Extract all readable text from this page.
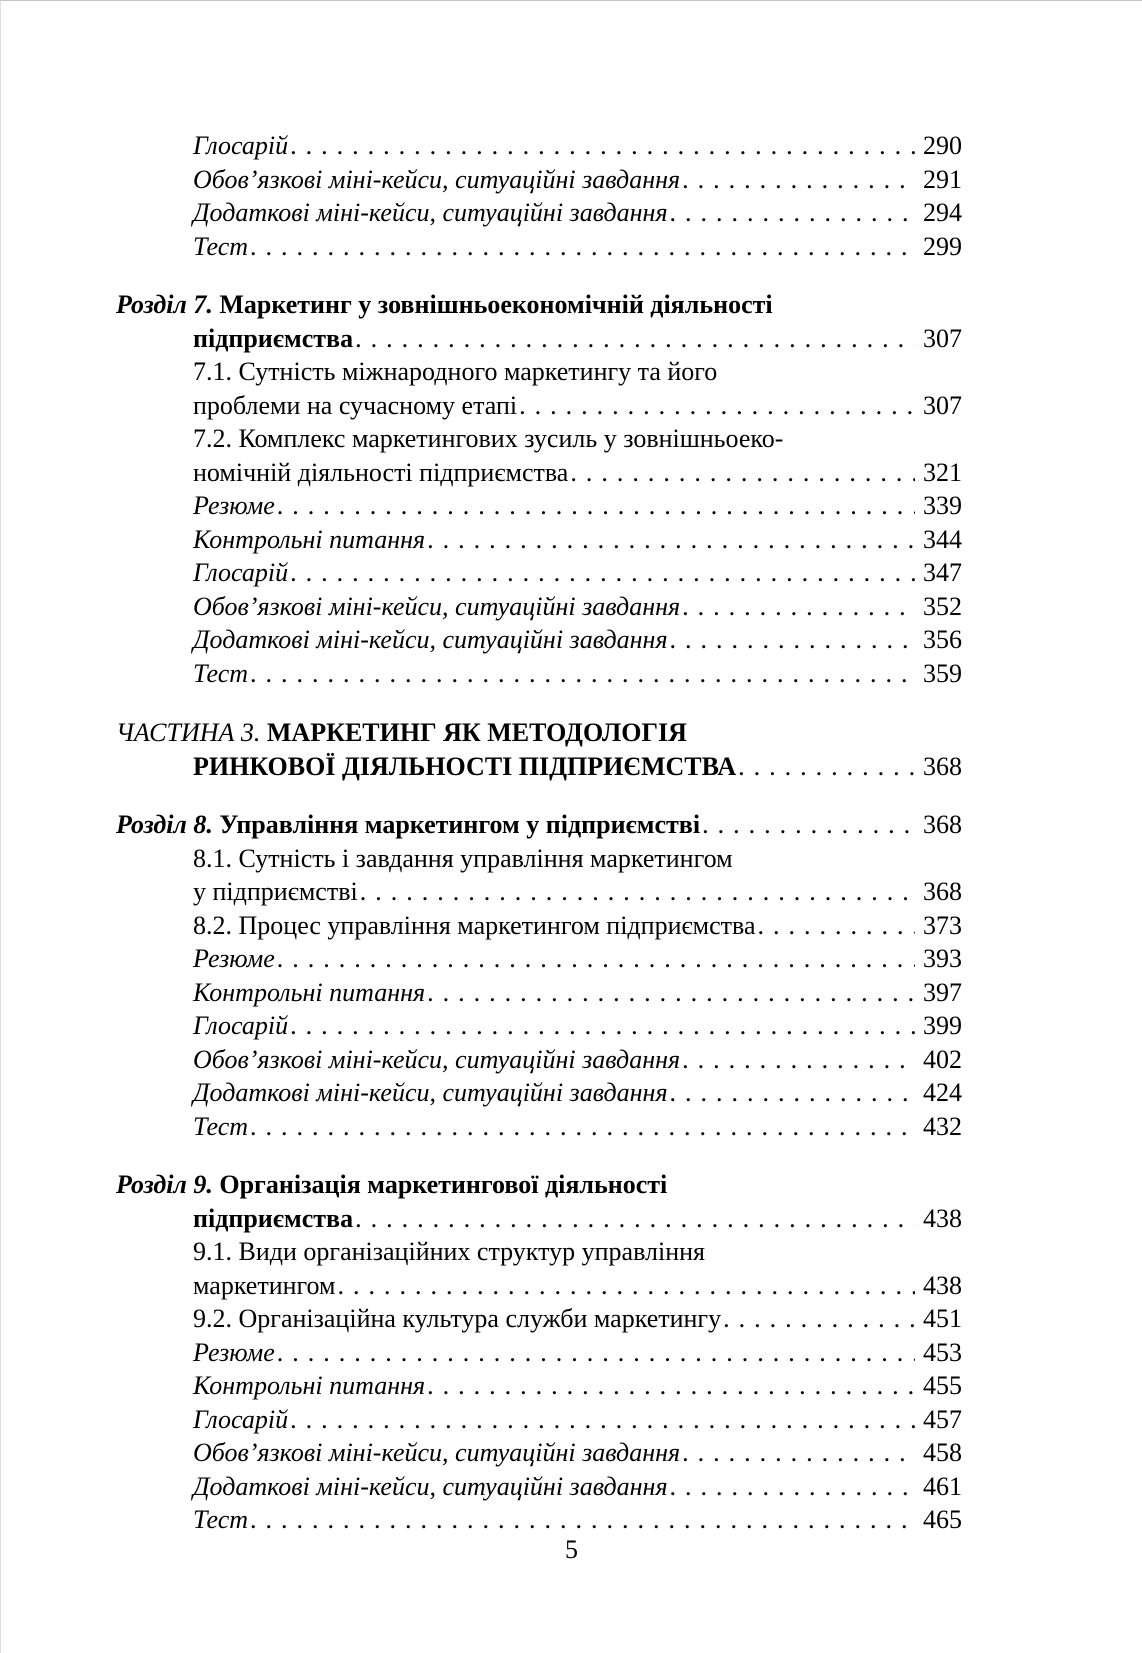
Глосарій .....	290
Обов’язкові міні-кейси, ситуаційні завдання .....	291
Додаткові міні-кейси, ситуаційні завдання .....	294
Тест .....	299
Розділ 7. Маркетинг у зовнішньоекономічній діяльності
підприємства .....	307
7.1. Сутність міжнародного маркетингу та його
проблеми на сучасному етапі .....	307
7.2. Комплекс маркетингових зусиль у зовнішньоеко-
номічній діяльності підприємства .....	321
Резюме .....	339
Контрольні питання .....	344
Глосарій .....	347
Обов’язкові міні-кейси, ситуаційні завдання .....	352
Додаткові міні-кейси, ситуаційні завдання .....	356
Тест .....	359
ЧАСТИНА 3. МАРКЕТИНГ ЯК МЕТОДОЛОГІЯ
РИНКОВОЇ ДІЯЛЬНОСТІ ПІДПРИЄМСТВА .....	368
Розділ 8. Управління маркетингом у підприємстві .....	368
8.1. Сутність і завдання управління маркетингом
у підприємстві .....	368
8.2. Процес управління маркетингом підприємства .....	373
Резюме .....	393
Контрольні питання .....	397
Глосарій .....	399
Обов’язкові міні-кейси, ситуаційні завдання .....	402
Додаткові міні-кейси, ситуаційні завдання .....	424
Тест .....	432
Розділ 9. Організація маркетингової діяльності
підприємства .....	438
9.1. Види організаційних структур управління
маркетингом .....	438
9.2. Організаційна культура служби маркетингу .....	451
Резюме .....	453
Контрольні питання .....	455
Глосарій .....	457
Обов’язкові міні-кейси, ситуаційні завдання .....	458
Додаткові міні-кейси, ситуаційні завдання .....	461
Тест .....	465
5
